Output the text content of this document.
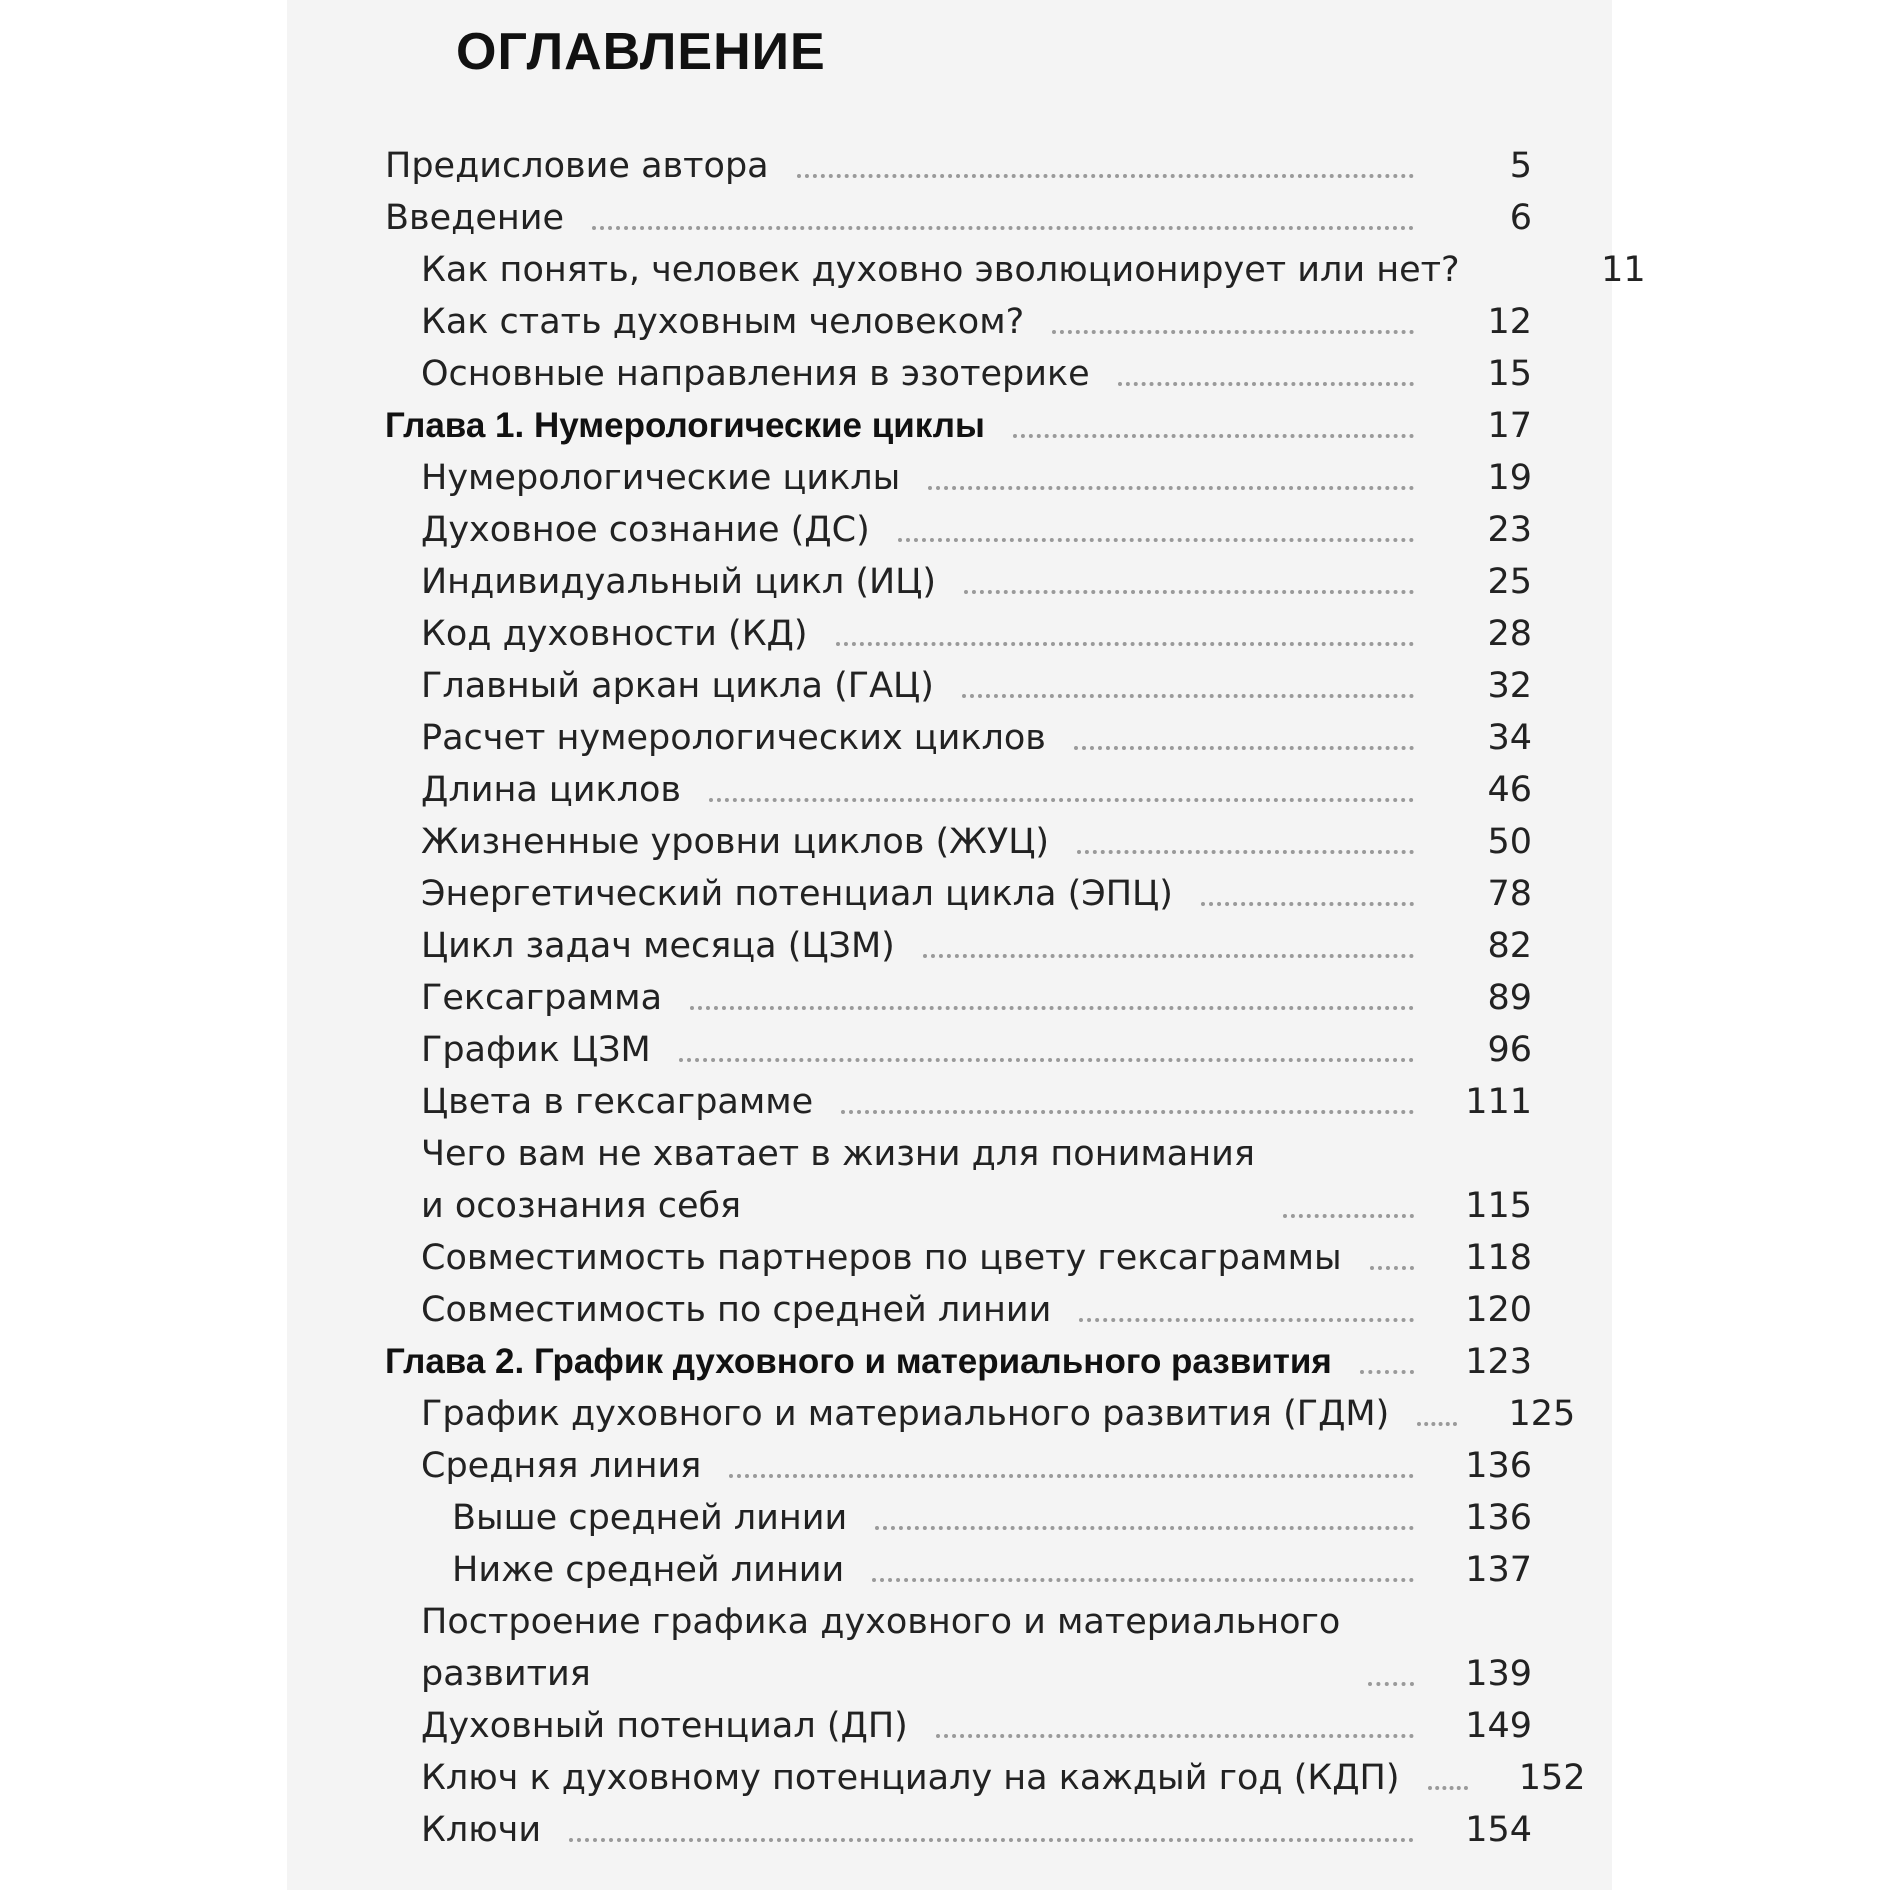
ОГЛАВЛЕНИЕ
Предисловие автора	5
Введение	6
Как понять, человек духовно эволюционирует или нет?	11
Как стать духовным человеком?	12
Основные направления в эзотерике	15
Глава 1. Нумерологические циклы	17
Нумерологические циклы	19
Духовное сознание (ДС)	23
Индивидуальный цикл (ИЦ)	25
Код духовности (КД)	28
Главный аркан цикла (ГАЦ)	32
Расчет нумерологических циклов	34
Длина циклов	46
Жизненные уровни циклов (ЖУЦ)	50
Энергетический потенциал цикла (ЭПЦ)	78
Цикл задач месяца (ЦЗМ)	82
Гексаграмма	89
График ЦЗМ	96
Цвета в гексаграмме	111
Чего вам не хватает в жизни для понимания
и осознания себя	115
Совместимость партнеров по цвету гексаграммы	118
Совместимость по средней линии	120
Глава 2. График духовного и материального развития	123
График духовного и материального развития (ГДМ)	125
Средняя линия	136
Выше средней линии	136
Ниже средней линии	137
Построение графика духовного и материального
развития	139
Духовный потенциал (ДП)	149
Ключ к духовному потенциалу на каждый год (КДП)	152
Ключи	154
